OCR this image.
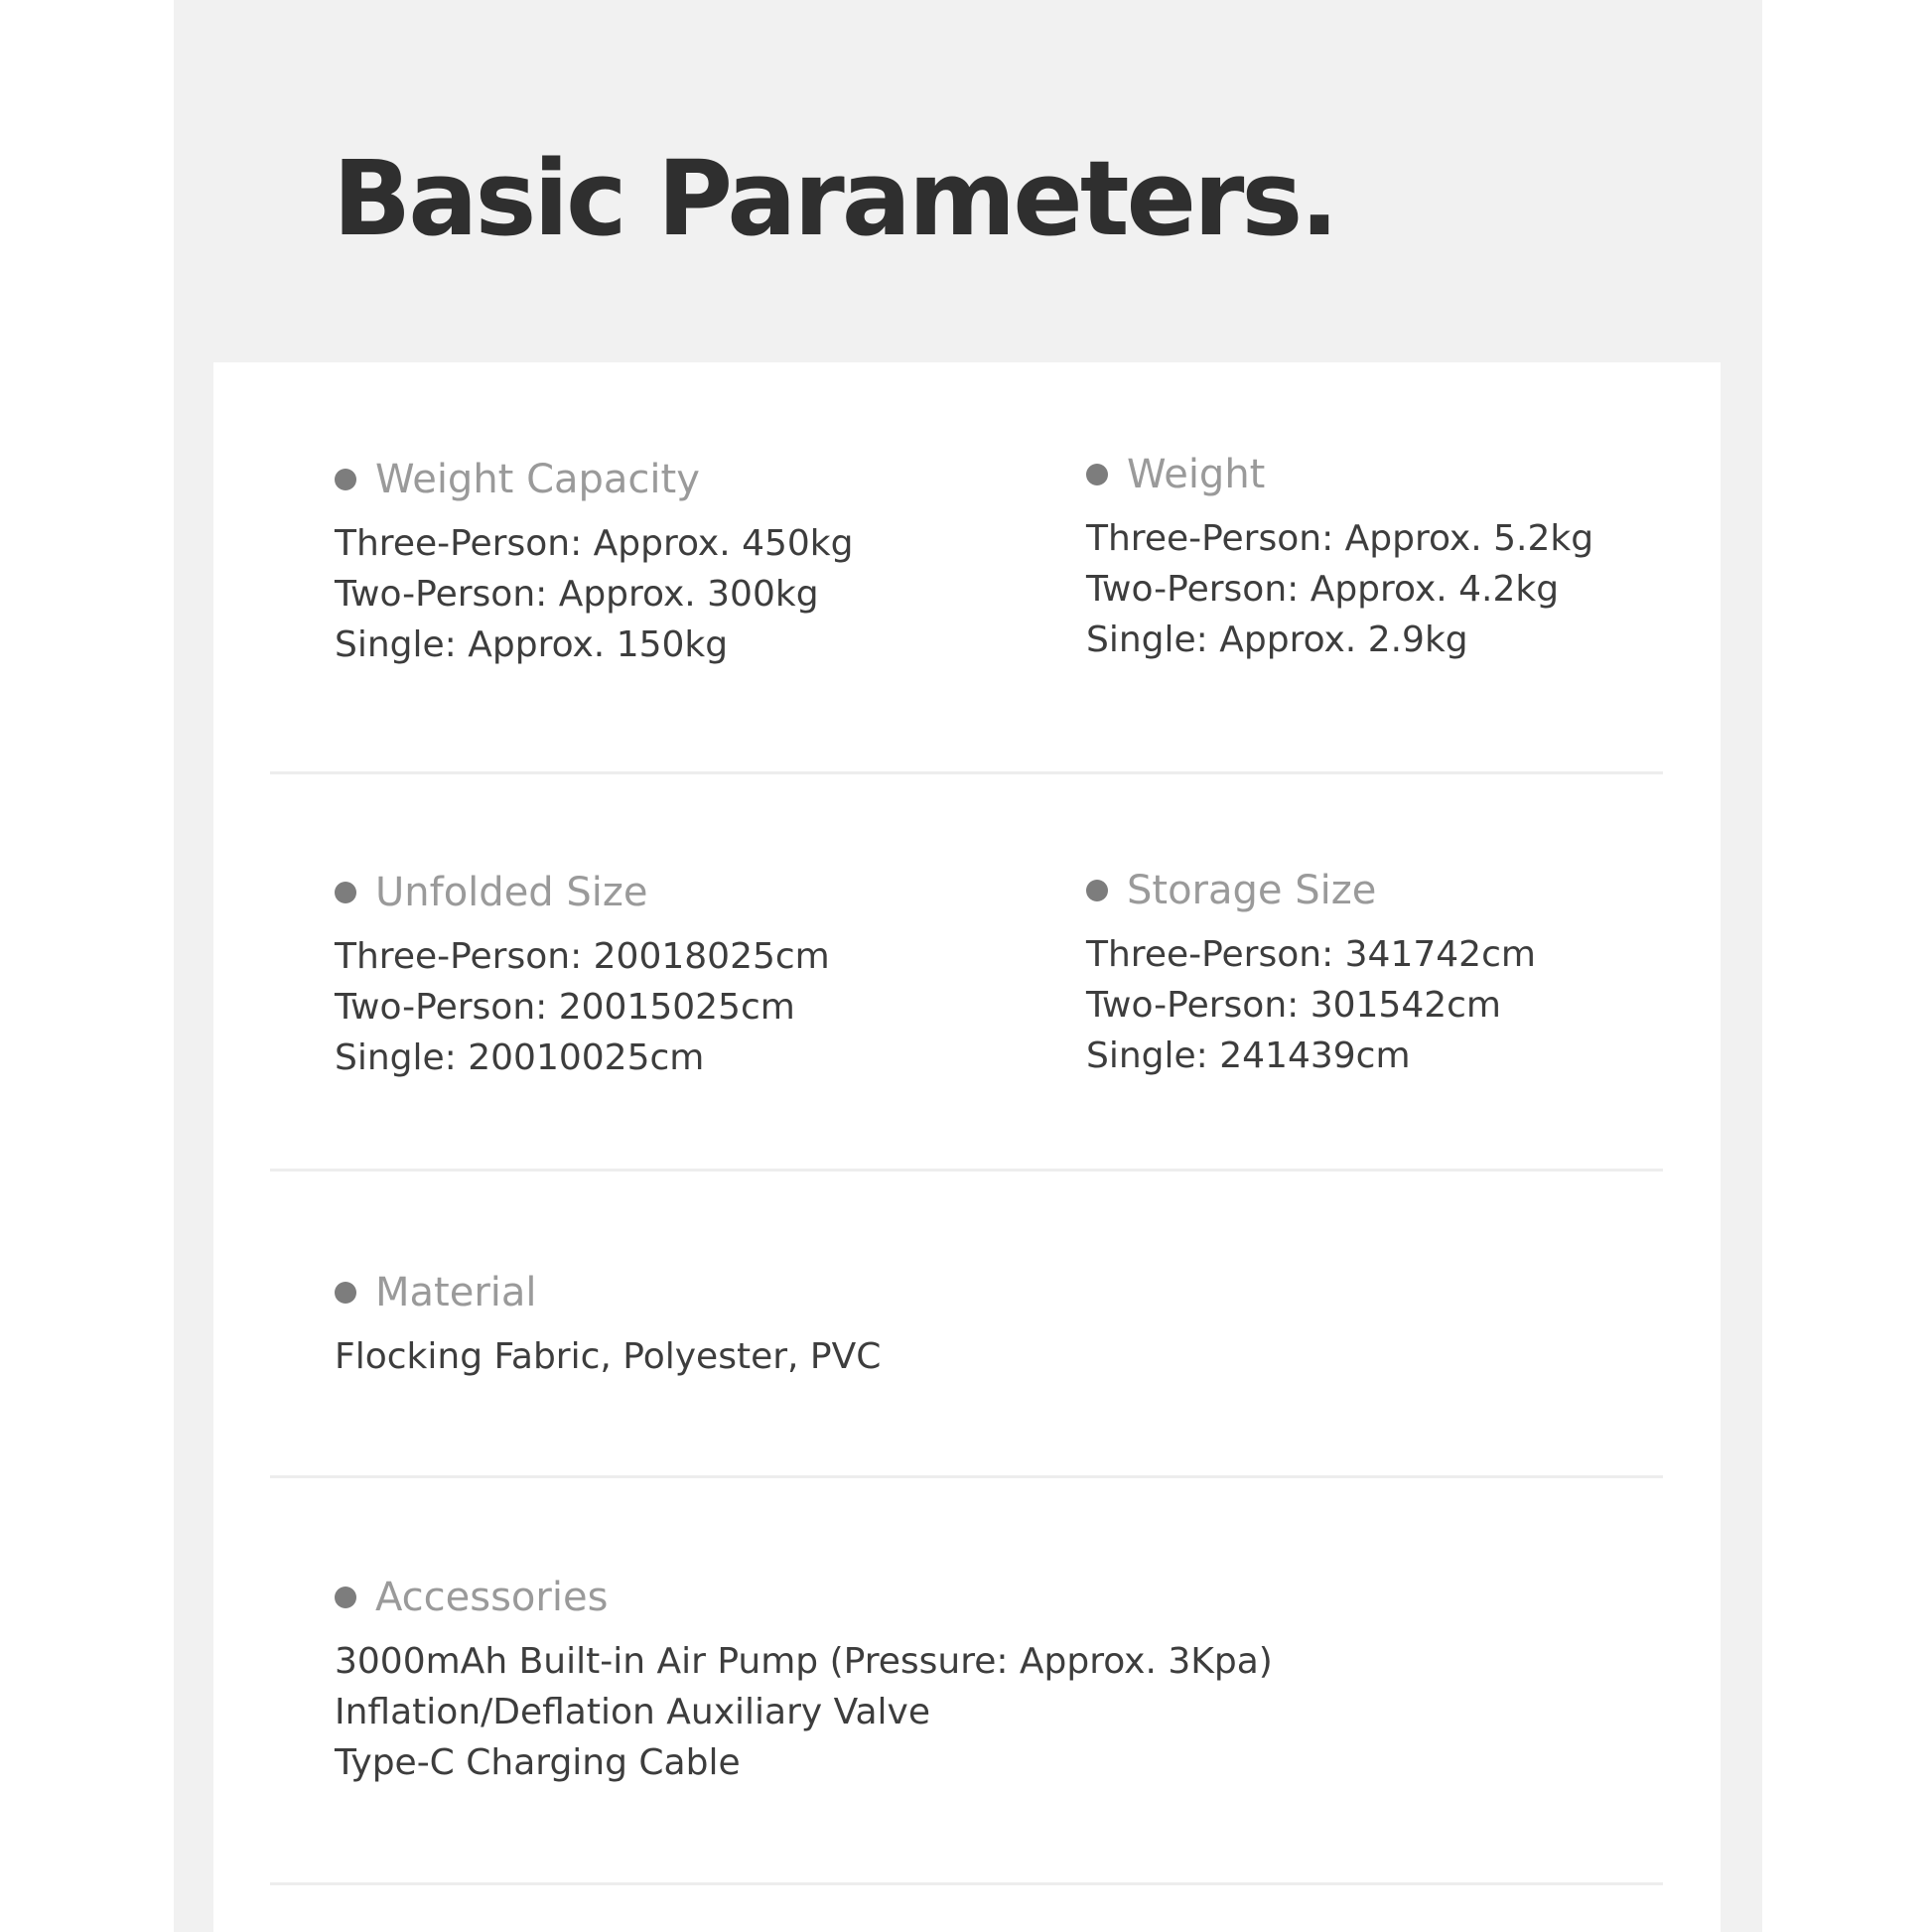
Basic Parameters.
Weight Capacity
Three-Person: Approx. 450kg
Two-Person: Approx. 300kg
Single: Approx. 150kg
Weight
Three-Person: Approx. 5.2kg
Two-Person: Approx. 4.2kg
Single: Approx. 2.9kg
Unfolded Size
Three-Person: 20018025cm
Two-Person: 20015025cm
Single: 20010025cm
Storage Size
Three-Person: 341742cm
Two-Person: 301542cm
Single: 241439cm
Material
Flocking Fabric, Polyester, PVC
Accessories
3000mAh Built-in Air Pump (Pressure: Approx. 3Kpa)
Inflation/Deflation Auxiliary Valve
Type-C Charging Cable
